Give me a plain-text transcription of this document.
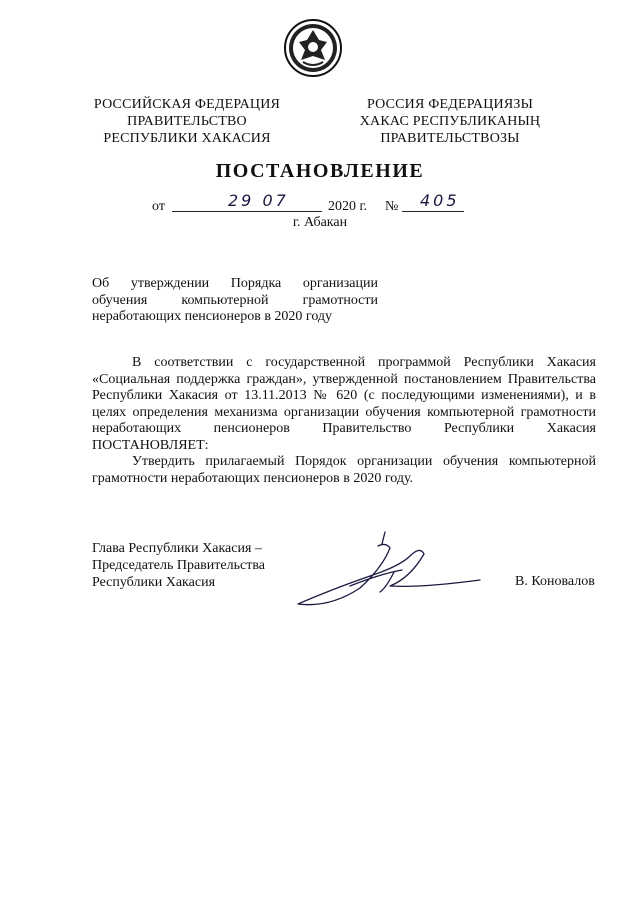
РОССИЙСКАЯ ФЕДЕРАЦИЯ
ПРАВИТЕЛЬСТВО
РЕСПУБЛИКИ ХАКАСИЯ
РОССИЯ ФЕДЕРАЦИЯЗЫ
ХАКАС РЕСПУБЛИКАНЫҢ
ПРАВИТЕЛЬСТВОЗЫ
ПОСТАНОВЛЕНИЕ
от	29 07	2020 г. № 405
г. Абакан
Об утверждении Порядка организации
обучения компьютерной грамотности
неработающих пенсионеров в 2020 году

В соответствии с государственной программой Республики Хакасия

«Социальная поддержка граждан», утвержденной постановлением Правительства

Республики Хакасия от 13.11.2013 № 620 (с последующими изменениями), и в

целях определения механизма организации обучения компьютерной грамотности

неработающих пенсионеров Правительство Республики Хакасия

ПОСТАНОВЛЯЕТ:

Утвердить прилагаемый Порядок организации обучения компьютерной

грамотности неработающих пенсионеров в 2020 году.

Глава Республики Хакасия –
Председатель Правительства
Республики Хакасия	В. Коновалов
